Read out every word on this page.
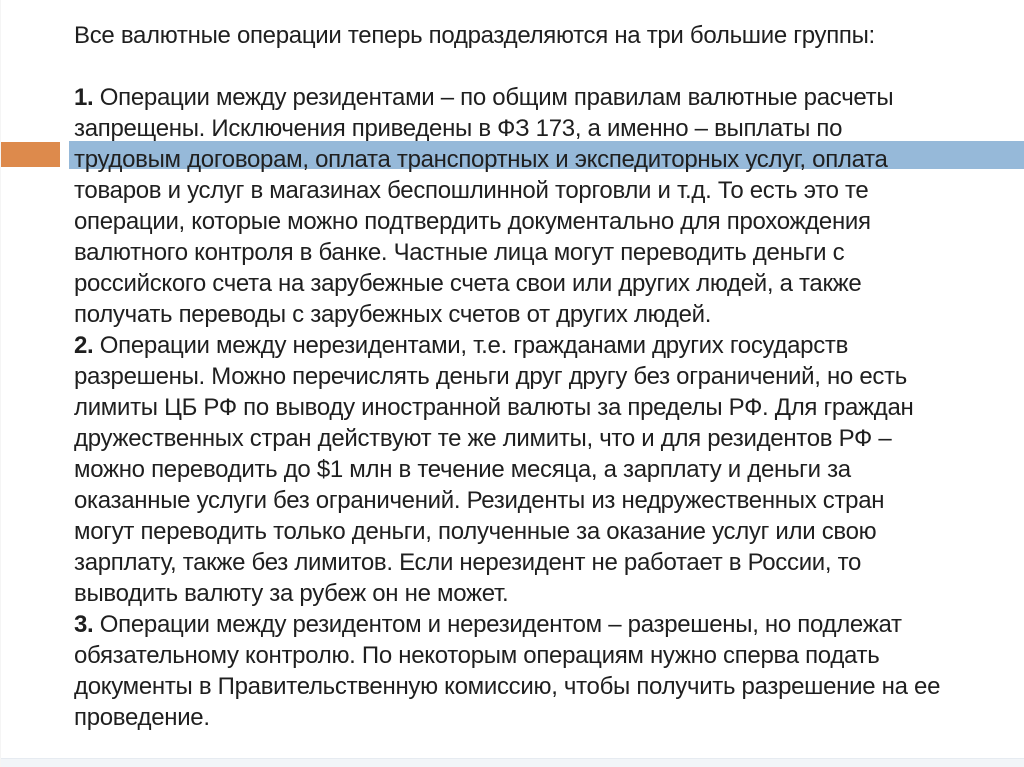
Все валютные операции теперь подразделяются на три большие группы:
1. Операции между резидентами – по общим правилам валютные расчеты
запрещены. Исключения приведены в ФЗ 173, а именно – выплаты по
трудовым договорам, оплата транспортных и экспедиторных услуг, оплата
товаров и услуг в магазинах беспошлинной торговли и т.д. То есть это те
операции, которые можно подтвердить документально для прохождения
валютного контроля в банке. Частные лица могут переводить деньги с
российского счета на зарубежные счета свои или других людей, а также
получать переводы с зарубежных счетов от других людей.
2. Операции между нерезидентами, т.е. гражданами других государств
разрешены. Можно перечислять деньги друг другу без ограничений, но есть
лимиты ЦБ РФ по выводу иностранной валюты за пределы РФ. Для граждан
дружественных стран действуют те же лимиты, что и для резидентов РФ –
можно переводить до $1 млн в течение месяца, а зарплату и деньги за
оказанные услуги без ограничений. Резиденты из недружественных стран
могут переводить только деньги, полученные за оказание услуг или свою
зарплату, также без лимитов. Если нерезидент не работает в России, то
выводить валюту за рубеж он не может.
3. Операции между резидентом и нерезидентом – разрешены, но подлежат
обязательному контролю. По некоторым операциям нужно сперва подать
документы в Правительственную комиссию, чтобы получить разрешение на ее
проведение.
